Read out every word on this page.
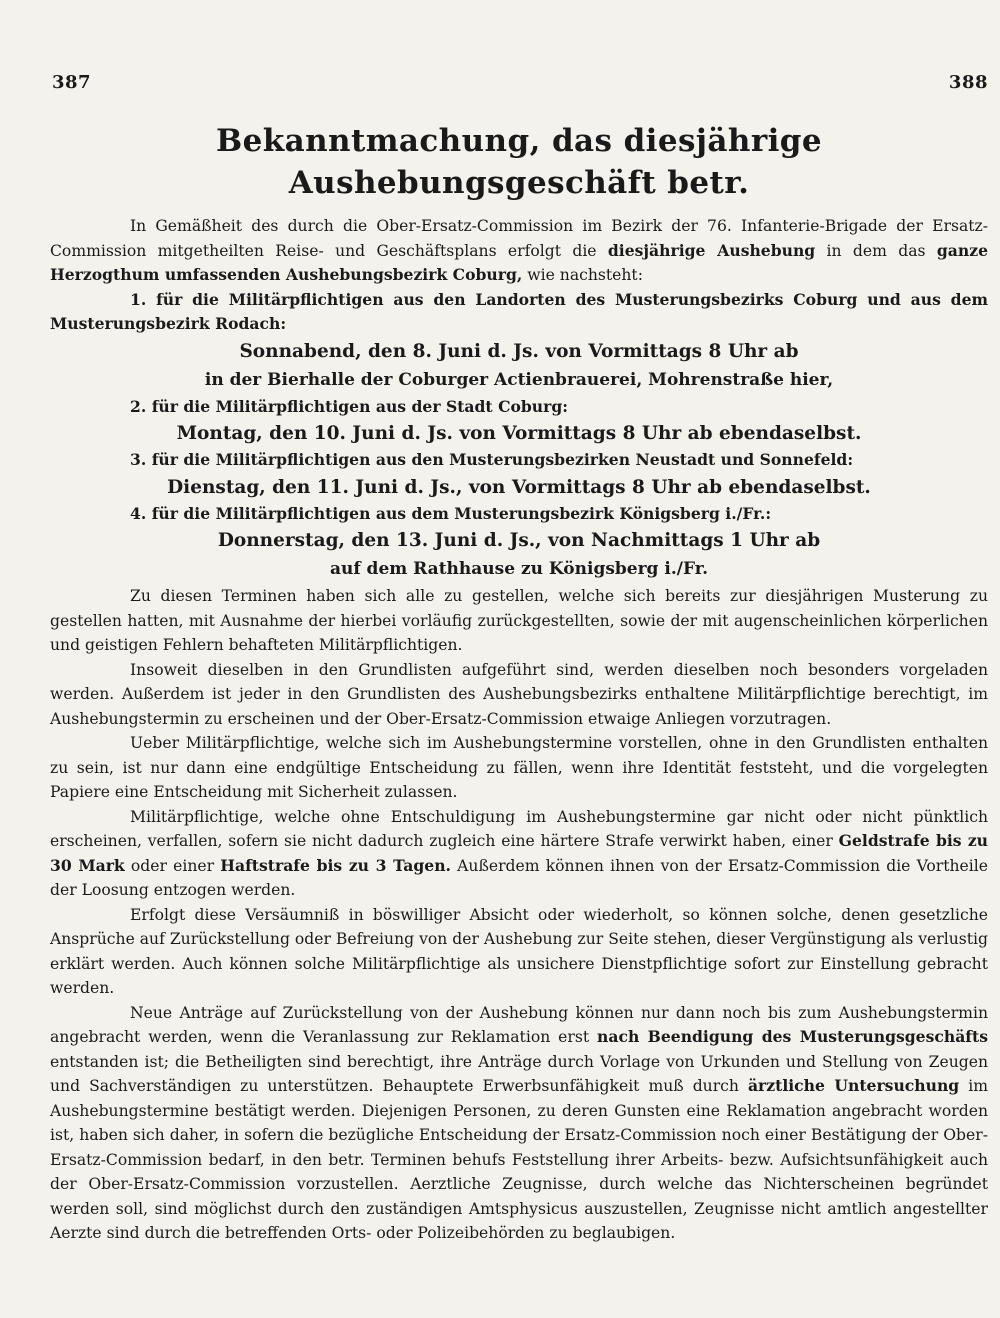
387	388
Bekanntmachung, das diesjährige Aushebungsgeschäft betr.

In Gemäßheit des durch die Ober-Ersatz-Commission im Bezirk der 76. Infanterie-Brigade der Ersatz-Commission mitgetheilten Reise- und Geschäftsplans erfolgt die diesjährige Aushebung in dem das ganze Herzogthum umfassenden Aushebungsbezirk Coburg, wie nachsteht:

1. für die Militärpflichtigen aus den Landorten des Musterungsbezirks Coburg und aus dem Musterungsbezirk Rodach:

Sonnabend, den 8. Juni d. Js. von Vormittags 8 Uhr ab
in der Bierhalle der Coburger Actienbrauerei, Mohrenstraße hier,

2. für die Militärpflichtigen aus der Stadt Coburg:

Montag, den 10. Juni d. Js. von Vormittags 8 Uhr ab ebendaselbst.

3. für die Militärpflichtigen aus den Musterungsbezirken Neustadt und Sonnefeld:

Dienstag, den 11. Juni d. Js., von Vormittags 8 Uhr ab ebendaselbst.

4. für die Militärpflichtigen aus dem Musterungsbezirk Königsberg i./Fr.:

Donnerstag, den 13. Juni d. Js., von Nachmittags 1 Uhr ab
auf dem Rathhause zu Königsberg i./Fr.

Zu diesen Terminen haben sich alle zu gestellen, welche sich bereits zur diesjährigen Musterung zu gestellen hatten, mit Ausnahme der hierbei vorläufig zurückgestellten, sowie der mit augenscheinlichen körperlichen und geistigen Fehlern behafteten Militärpflichtigen.

Insoweit dieselben in den Grundlisten aufgeführt sind, werden dieselben noch besonders vorgeladen werden. Außerdem ist jeder in den Grundlisten des Aushebungsbezirks enthaltene Militärpflichtige berechtigt, im Aushebungstermin zu erscheinen und der Ober-Ersatz-Commission etwaige Anliegen vorzutragen.

Ueber Militärpflichtige, welche sich im Aushebungstermine vorstellen, ohne in den Grundlisten enthalten zu sein, ist nur dann eine endgültige Entscheidung zu fällen, wenn ihre Identität feststeht, und die vorgelegten Papiere eine Entscheidung mit Sicherheit zulassen.

Militärpflichtige, welche ohne Entschuldigung im Aushebungstermine gar nicht oder nicht pünktlich erscheinen, verfallen, sofern sie nicht dadurch zugleich eine härtere Strafe verwirkt haben, einer Geldstrafe bis zu 30 Mark oder einer Haftstrafe bis zu 3 Tagen. Außerdem können ihnen von der Ersatz-Commission die Vortheile der Loosung entzogen werden.

Erfolgt diese Versäumniß in böswilliger Absicht oder wiederholt, so können solche, denen gesetzliche Ansprüche auf Zurückstellung oder Befreiung von der Aushebung zur Seite stehen, dieser Vergünstigung als verlustig erklärt werden. Auch können solche Militärpflichtige als unsichere Dienstpflichtige sofort zur Einstellung gebracht werden.

Neue Anträge auf Zurückstellung von der Aushebung können nur dann noch bis zum Aushebungstermin angebracht werden, wenn die Veranlassung zur Reklamation erst nach Beendigung des Musterungsgeschäfts entstanden ist; die Betheiligten sind berechtigt, ihre Anträge durch Vorlage von Urkunden und Stellung von Zeugen und Sachverständigen zu unterstützen. Behauptete Erwerbsunfähigkeit muß durch ärztliche Untersuchung im Aushebungstermine bestätigt werden. Diejenigen Personen, zu deren Gunsten eine Reklamation angebracht worden ist, haben sich daher, in sofern die bezügliche Entscheidung der Ersatz-Commission noch einer Bestätigung der Ober-Ersatz-Commission bedarf, in den betr. Terminen behufs Feststellung ihrer Arbeits- bezw. Aufsichtsunfähigkeit auch der Ober-Ersatz-Commission vorzustellen. Aerztliche Zeugnisse, durch welche das Nichterscheinen begründet werden soll, sind möglichst durch den zuständigen Amtsphysicus auszustellen, Zeugnisse nicht amtlich angestellter Aerzte sind durch die betreffenden Orts- oder Polizeibehörden zu beglaubigen.
